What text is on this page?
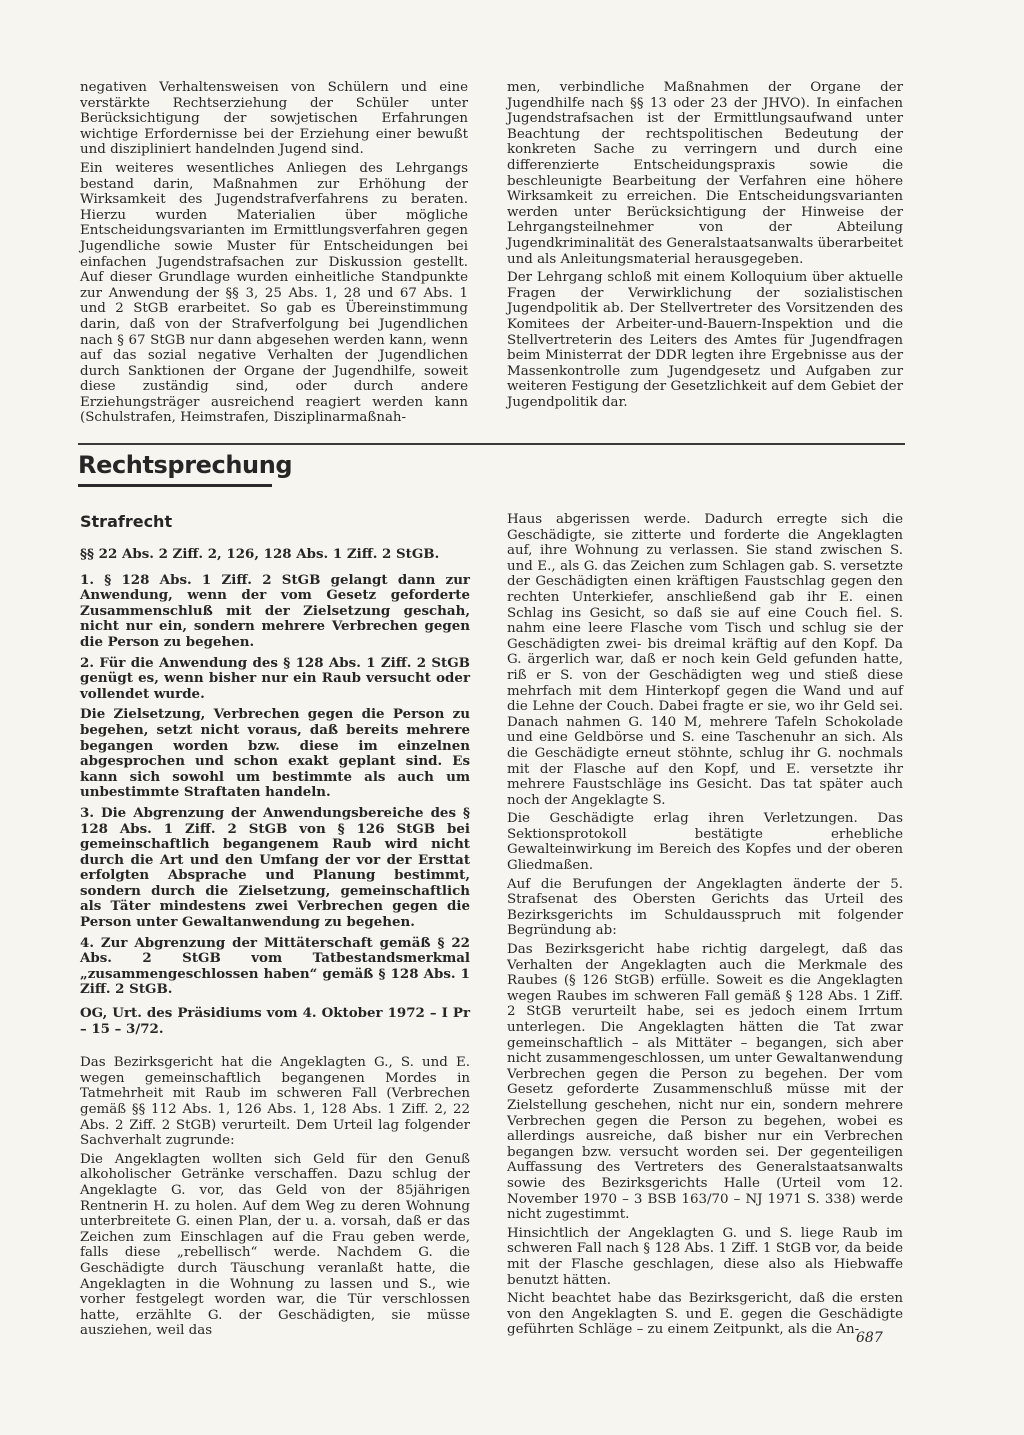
negativen Verhaltensweisen von Schülern und eine verstärkte Rechtserziehung der Schüler unter Berücksichtigung der sowjetischen Erfahrungen wichtige Erfordernisse bei der Erziehung einer bewußt und diszipliniert handelnden Jugend sind.

Ein weiteres wesentliches Anliegen des Lehrgangs bestand darin, Maßnahmen zur Erhöhung der Wirksamkeit des Jugendstrafverfahrens zu beraten. Hierzu wurden Materialien über mögliche Entscheidungsvarianten im Ermittlungsverfahren gegen Jugendliche sowie Muster für Entscheidungen bei einfachen Jugendstrafsachen zur Diskussion gestellt. Auf dieser Grundlage wurden einheitliche Standpunkte zur Anwendung der §§ 3, 25 Abs. 1, 28 und 67 Abs. 1 und 2 StGB erarbeitet. So gab es Übereinstimmung darin, daß von der Strafverfolgung bei Jugendlichen nach § 67 StGB nur dann abgesehen werden kann, wenn auf das sozial negative Verhalten der Jugendlichen durch Sanktionen der Organe der Jugendhilfe, soweit diese zuständig sind, oder durch andere Erziehungsträger ausreichend reagiert werden kann (Schulstrafen, Heimstrafen, Disziplinarmaßnah-

men, verbindliche Maßnahmen der Organe der Jugendhilfe nach §§ 13 oder 23 der JHVO). In einfachen Jugendstrafsachen ist der Ermittlungsaufwand unter Beachtung der rechtspolitischen Bedeutung der konkreten Sache zu verringern und durch eine differenzierte Entscheidungspraxis sowie die beschleunigte Bearbeitung der Verfahren eine höhere Wirksamkeit zu erreichen. Die Entscheidungsvarianten werden unter Berücksichtigung der Hinweise der Lehrgangsteilnehmer von der Abteilung Jugendkriminalität des Generalstaatsanwalts überarbeitet und als Anleitungsmaterial herausgegeben.

Der Lehrgang schloß mit einem Kolloquium über aktuelle Fragen der Verwirklichung der sozialistischen Jugendpolitik ab. Der Stellvertreter des Vorsitzenden des Komitees der Arbeiter-und-Bauern-Inspektion und die Stellvertreterin des Leiters des Amtes für Jugendfragen beim Ministerrat der DDR legten ihre Ergebnisse aus der Massenkontrolle zum Jugendgesetz und Aufgaben zur weiteren Festigung der Gesetzlichkeit auf dem Gebiet der Jugendpolitik dar.

Rechtsprechung
Strafrecht

§§ 22 Abs. 2 Ziff. 2, 126, 128 Abs. 1 Ziff. 2 StGB.

1. § 128 Abs. 1 Ziff. 2 StGB gelangt dann zur Anwendung, wenn der vom Gesetz geforderte Zusammenschluß mit der Zielsetzung geschah, nicht nur ein, sondern mehrere Verbrechen gegen die Person zu begehen.

2. Für die Anwendung des § 128 Abs. 1 Ziff. 2 StGB genügt es, wenn bisher nur ein Raub versucht oder vollendet wurde.

Die Zielsetzung, Verbrechen gegen die Person zu begehen, setzt nicht voraus, daß bereits mehrere begangen worden bzw. diese im einzelnen abgesprochen und schon exakt geplant sind. Es kann sich sowohl um bestimmte als auch um unbestimmte Straftaten handeln.

3. Die Abgrenzung der Anwendungsbereiche des § 128 Abs. 1 Ziff. 2 StGB von § 126 StGB bei gemeinschaftlich begangenem Raub wird nicht durch die Art und den Umfang der vor der Ersttat erfolgten Absprache und Planung bestimmt, sondern durch die Zielsetzung, gemeinschaftlich als Täter mindestens zwei Verbrechen gegen die Person unter Gewaltanwendung zu begehen.

4. Zur Abgrenzung der Mittäterschaft gemäß § 22 Abs. 2 StGB vom Tatbestandsmerkmal „zusammengeschlossen haben“ gemäß § 128 Abs. 1 Ziff. 2 StGB.

OG, Urt. des Präsidiums vom 4. Oktober 1972 – I Pr – 15 – 3/72.

Das Bezirksgericht hat die Angeklagten G., S. und E. wegen gemeinschaftlich begangenen Mordes in Tatmehrheit mit Raub im schweren Fall (Verbrechen gemäß §§ 112 Abs. 1, 126 Abs. 1, 128 Abs. 1 Ziff. 2, 22 Abs. 2 Ziff. 2 StGB) verurteilt. Dem Urteil lag folgender Sachverhalt zugrunde:

Die Angeklagten wollten sich Geld für den Genuß alkoholischer Getränke verschaffen. Dazu schlug der Angeklagte G. vor, das Geld von der 85jährigen Rentnerin H. zu holen. Auf dem Weg zu deren Wohnung unterbreitete G. einen Plan, der u. a. vorsah, daß er das Zeichen zum Einschlagen auf die Frau geben werde, falls diese „rebellisch“ werde. Nachdem G. die Geschädigte durch Täuschung veranlaßt hatte, die Angeklagten in die Wohnung zu lassen und S., wie vorher festgelegt worden war, die Tür verschlossen hatte, erzählte G. der Geschädigten, sie müsse ausziehen, weil das

Haus abgerissen werde. Dadurch erregte sich die Geschädigte, sie zitterte und forderte die Angeklagten auf, ihre Wohnung zu verlassen. Sie stand zwischen S. und E., als G. das Zeichen zum Schlagen gab. S. versetzte der Geschädigten einen kräftigen Faustschlag gegen den rechten Unterkiefer, anschließend gab ihr E. einen Schlag ins Gesicht, so daß sie auf eine Couch fiel. S. nahm eine leere Flasche vom Tisch und schlug sie der Geschädigten zwei- bis dreimal kräftig auf den Kopf. Da G. ärgerlich war, daß er noch kein Geld gefunden hatte, riß er S. von der Geschädigten weg und stieß diese mehrfach mit dem Hinterkopf gegen die Wand und auf die Lehne der Couch. Dabei fragte er sie, wo ihr Geld sei. Danach nahmen G. 140 M, mehrere Tafeln Schokolade und eine Geldbörse und S. eine Taschenuhr an sich. Als die Geschädigte erneut stöhnte, schlug ihr G. nochmals mit der Flasche auf den Kopf, und E. versetzte ihr mehrere Faustschläge ins Gesicht. Das tat später auch noch der Angeklagte S.

Die Geschädigte erlag ihren Verletzungen. Das Sektionsprotokoll bestätigte erhebliche Gewalteinwirkung im Bereich des Kopfes und der oberen Gliedmaßen.

Auf die Berufungen der Angeklagten änderte der 5. Strafsenat des Obersten Gerichts das Urteil des Bezirksgerichts im Schuldausspruch mit folgender Begründung ab:

Das Bezirksgericht habe richtig dargelegt, daß das Verhalten der Angeklagten auch die Merkmale des Raubes (§ 126 StGB) erfülle. Soweit es die Angeklagten wegen Raubes im schweren Fall gemäß § 128 Abs. 1 Ziff. 2 StGB verurteilt habe, sei es jedoch einem Irrtum unterlegen. Die Angeklagten hätten die Tat zwar gemeinschaftlich – als Mittäter – begangen, sich aber nicht zusammengeschlossen, um unter Gewaltanwendung Verbrechen gegen die Person zu begehen. Der vom Gesetz geforderte Zusammenschluß müsse mit der Zielstellung geschehen, nicht nur ein, sondern mehrere Verbrechen gegen die Person zu begehen, wobei es allerdings ausreiche, daß bisher nur ein Verbrechen begangen bzw. versucht worden sei. Der gegenteiligen Auffassung des Vertreters des Generalstaatsanwalts sowie des Bezirksgerichts Halle (Urteil vom 12. November 1970 – 3 BSB 163/70 – NJ 1971 S. 338) werde nicht zugestimmt.

Hinsichtlich der Angeklagten G. und S. liege Raub im schweren Fall nach § 128 Abs. 1 Ziff. 1 StGB vor, da beide mit der Flasche geschlagen, diese also als Hiebwaffe benutzt hätten.

Nicht beachtet habe das Bezirksgericht, daß die ersten von den Angeklagten S. und E. gegen die Geschädigte geführten Schläge – zu einem Zeitpunkt, als die An-

687
